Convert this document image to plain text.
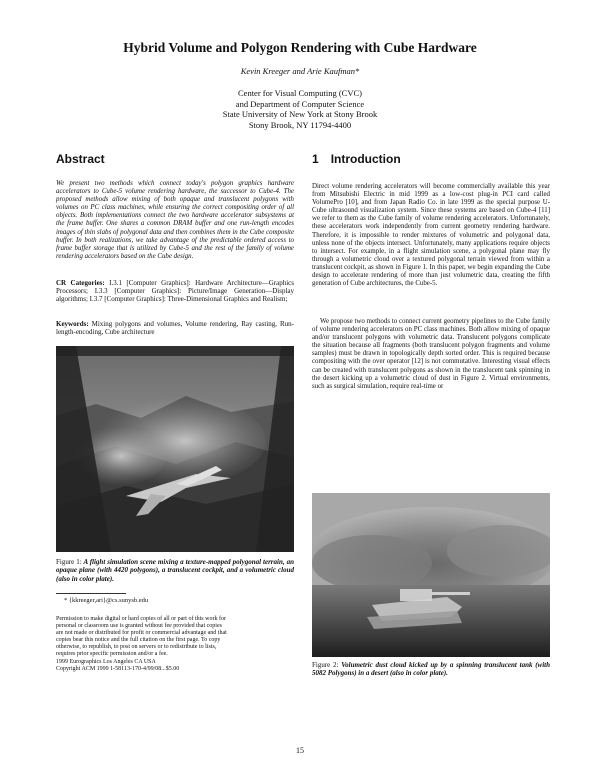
Hybrid Volume and Polygon Rendering with Cube Hardware
Kevin Kreeger and Arie Kaufman*
Center for Visual Computing (CVC)
and Department of Computer Science
State University of New York at Stony Brook
Stony Brook, NY 11794-4400
Abstract

We present two methods which connect today's polygon graphics hardware accelerators to Cube-5 volume rendering hardware, the successor to Cube-4. The proposed methods allow mixing of both opaque and translucent polygons with volumes on PC class machines, while ensuring the correct compositing order of all objects. Both implementations connect the two hardware accelerator subsystems at the frame buffer. One shares a common DRAM buffer and one run-length encodes images of thin slabs of polygonal data and then combines them in the Cube composite buffer. In both realizations, we take advantage of the predictable ordered access to frame buffer storage that is utilized by Cube-5 and the rest of the family of volume rendering accelerators based on the Cube design.

CR Categories: I.3.1 [Computer Graphics]: Hardware Architecture—Graphics Processors; I.3.3 [Computer Graphics]: Picture/Image Generation—Display algorithms; I.3.7 [Computer Graphics]: Three-Dimensional Graphics and Realism;
Keywords: Mixing polygons and volumes, Volume rendering, Ray casting, Run-length-encoding, Cube architecture
Figure 1: A flight simulation scene mixing a texture-mapped polygonal terrain, an opaque plane (with 4420 polygons), a translucent cockpit, and a volumetric cloud (also in color plate).
* {kkreeger,ari}@cs.sunysb.edu
Permission to make digital or hard copies of all or part of this work for
personal or classroom use is granted without fee provided that copies
are not made or distributed for profit or commercial advantage and that
copies bear this notice and the full citation on the first page. To copy
otherwise, to republish, to post on servers or to redistribute to lists,
requires prior specific permission and/or a fee.
1999 Eurographics Los Angeles CA USA
Copyright ACM 1999 1-58113-170-4/99/08...$5.00
1 Introduction

Direct volume rendering accelerators will become commercially available this year from Mitsubishi Electric in mid 1999 as a low-cost plug-in PCI card called VolumePro [10], and from Japan Radio Co. in late 1999 as the special purpose U-Cube ultrasound visualization system. Since these systems are based on Cube-4 [11] we refer to them as the Cube family of volume rendering accelerators. Unfortunately, these accelerators work independently from current geometry rendering hardware. Therefore, it is impossible to render mixtures of volumetric and polygonal data, unless none of the objects intersect. Unfortunately, many applications require objects to intersect. For example, in a flight simulation scene, a polygonal plane may fly through a volumetric cloud over a textured polygonal terrain viewed from within a translucent cockpit, as shown in Figure 1. In this paper, we begin expanding the Cube design to accelerate rendering of more than just volumetric data, creating the fifth generation of Cube architectures, the Cube-5.

We propose two methods to connect current geometry pipelines to the Cube family of volume rendering accelerators on PC class machines. Both allow mixing of opaque and/or translucent polygons with volumetric data. Translucent polygons complicate the situation because all fragments (both translucent polygon fragments and volume samples) must be drawn in topologically depth sorted order. This is required because compositing with the over operator [12] is not commutative. Interesting visual effects can be created with translucent polygons as shown in the translucent tank spinning in the desert kicking up a volumetric cloud of dust in Figure 2. Virtual environments, such as surgical simulation, require real-time or

Figure 2: Volumetric dust cloud kicked up by a spinning translucent tank (with 5082 Polygons) in a desert (also in color plate).
15
